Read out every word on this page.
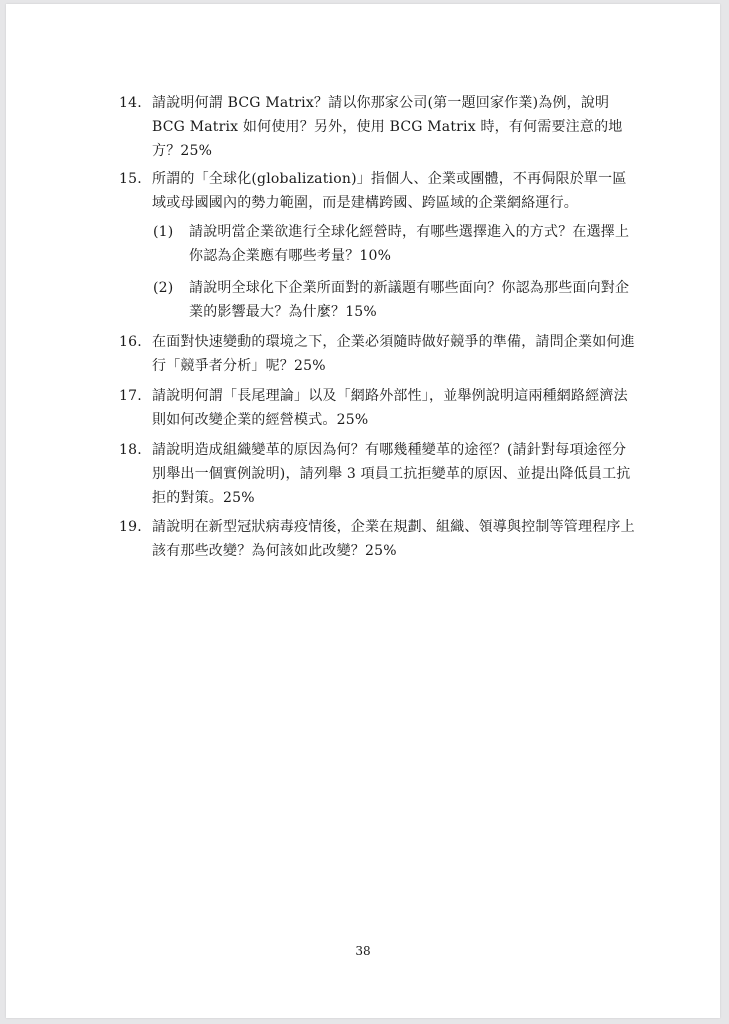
14. 請說明何謂 BCG Matrix？請以你那家公司(第一題回家作業)為例，說明BCG Matrix 如何使用？另外，使用 BCG Matrix 時，有何需要注意的地方？25%
15. 所謂的「全球化(globalization)」指個人、企業或團體，不再侷限於單一區域或母國國內的勢力範圍，而是建構跨國、跨區域的企業網絡運行。
(1)	請說明當企業欲進行全球化經營時，有哪些選擇進入的方式？在選擇上你認為企業應有哪些考量？10%
(2)	請說明全球化下企業所面對的新議題有哪些面向？你認為那些面向對企業的影響最大？為什麼？15%
16. 在面對快速變動的環境之下，企業必須隨時做好競爭的準備，請問企業如何進行「競爭者分析」呢？25%
17. 請說明何謂「長尾理論」以及「網路外部性」，並舉例說明這兩種網路經濟法則如何改變企業的經營模式。25%
18. 請說明造成組織變革的原因為何？有哪幾種變革的途徑？(請針對每項途徑分別舉出一個實例說明)，請列舉 3 項員工抗拒變革的原因、並提出降低員工抗拒的對策。25%
19. 請說明在新型冠狀病毒疫情後，企業在規劃、組織、領導與控制等管理程序上該有那些改變？為何該如此改變？25%
38
